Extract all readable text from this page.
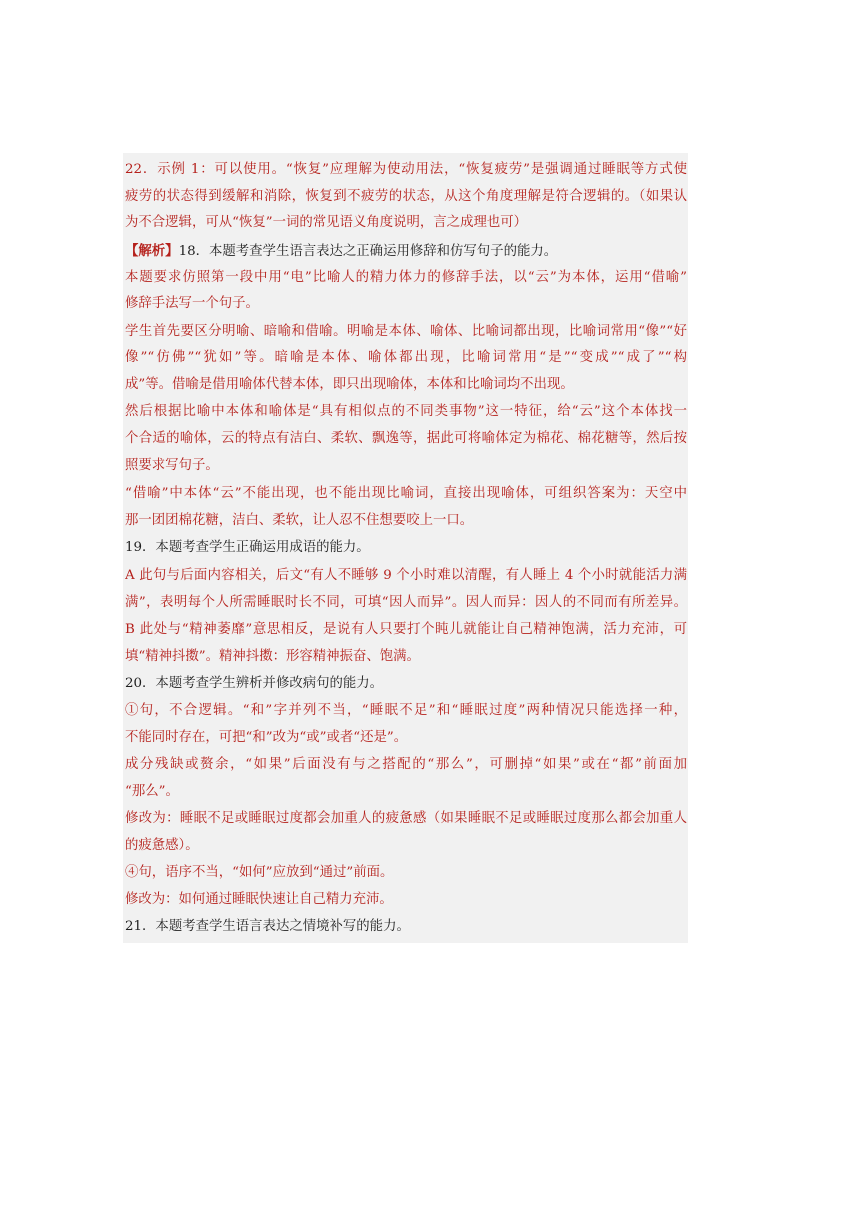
22．示例 1：可以使用。“恢复”应理解为使动用法，“恢复疲劳”是强调通过睡眠等方式使
疲劳的状态得到缓解和消除，恢复到不疲劳的状态，从这个角度理解是符合逻辑的。（如果认
为不合逻辑，可从“恢复”一词的常见语义角度说明，言之成理也可）
【解析】18．本题考查学生语言表达之正确运用修辞和仿写句子的能力。
本题要求仿照第一段中用“电”比喻人的精力体力的修辞手法，以“云”为本体，运用“借喻”
修辞手法写一个句子。
学生首先要区分明喻、暗喻和借喻。明喻是本体、喻体、比喻词都出现，比喻词常用“像”“好
像”“仿佛”“犹如”等。暗喻是本体、喻体都出现，比喻词常用“是”“变成”“成了”“构
成”等。借喻是借用喻体代替本体，即只出现喻体，本体和比喻词均不出现。
然后根据比喻中本体和喻体是“具有相似点的不同类事物”这一特征，给“云”这个本体找一
个合适的喻体，云的特点有洁白、柔软、飘逸等，据此可将喻体定为棉花、棉花糖等，然后按
照要求写句子。
“借喻”中本体“云”不能出现，也不能出现比喻词，直接出现喻体，可组织答案为：天空中
那一团团棉花糖，洁白、柔软，让人忍不住想要咬上一口。
19．本题考查学生正确运用成语的能力。
A 此句与后面内容相关，后文“有人不睡够 9 个小时难以清醒，有人睡上 4 个小时就能活力满
满”，表明每个人所需睡眠时长不同，可填“因人而异”。因人而异：因人的不同而有所差异。
B 此处与“精神萎靡”意思相反，是说有人只要打个盹儿就能让自己精神饱满，活力充沛，可
填“精神抖擞”。精神抖擞：形容精神振奋、饱满。
20．本题考查学生辨析并修改病句的能力。
①句，不合逻辑。“和”字并列不当，“睡眠不足”和“睡眠过度”两种情况只能选择一种，
不能同时存在，可把“和”改为“或”或者“还是”。
成分残缺或赘余，“如果”后面没有与之搭配的“那么”，可删掉“如果”或在“都”前面加
“那么”。
修改为：睡眠不足或睡眠过度都会加重人的疲惫感（如果睡眠不足或睡眠过度那么都会加重人
的疲惫感）。
④句，语序不当，“如何”应放到“通过”前面。
修改为：如何通过睡眠快速让自己精力充沛。
21．本题考查学生语言表达之情境补写的能力。
